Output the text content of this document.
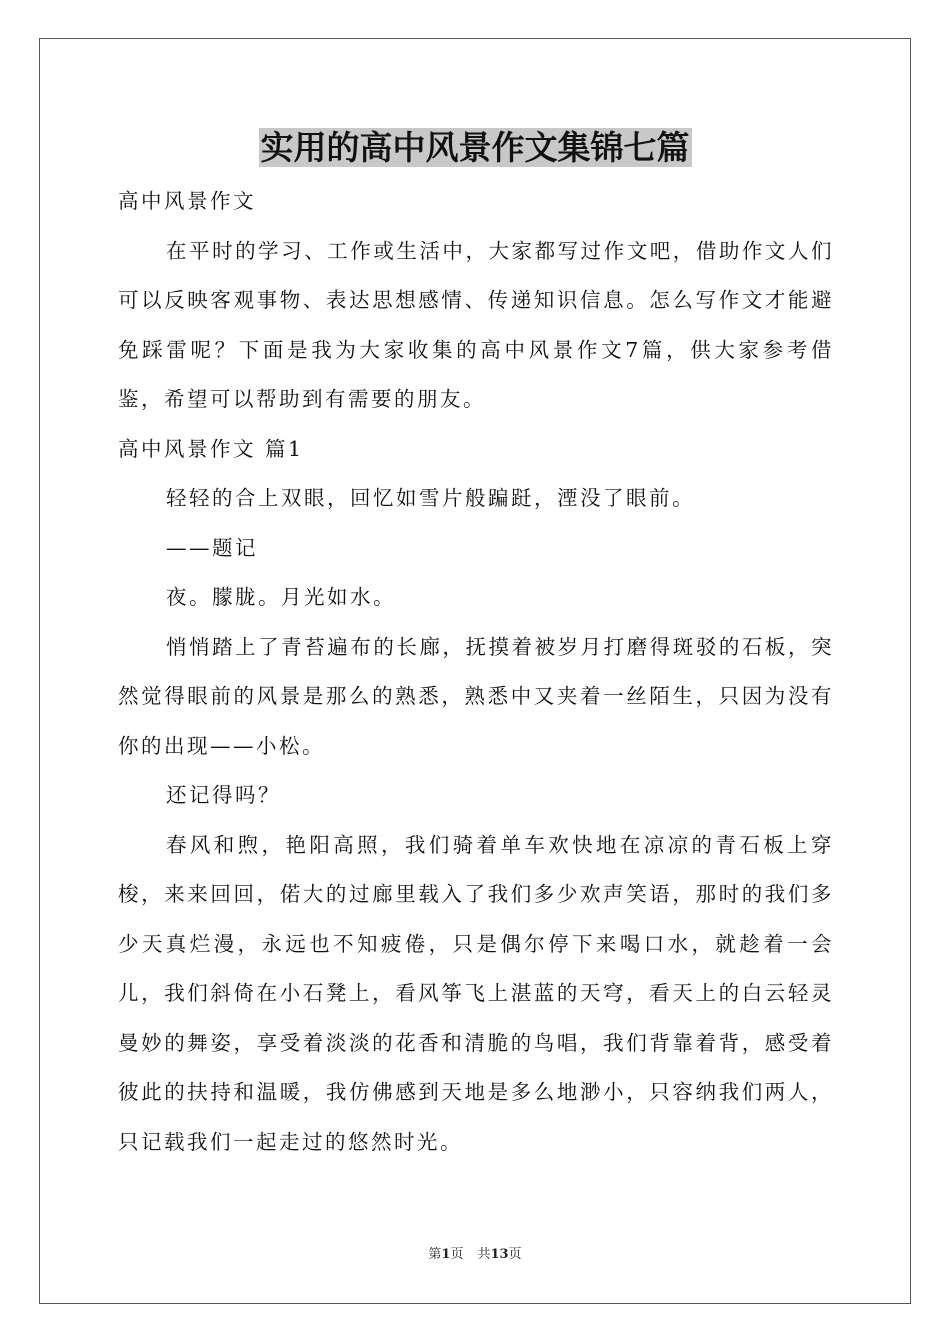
实用的高中风景作文集锦七篇

高中风景作文

在平时的学习、工作或生活中，大家都写过作文吧，借助作文人们可以反映客观事物、表达思想感情、传递知识信息。怎么写作文才能避免踩雷呢？下面是我为大家收集的高中风景作文7篇，供大家参考借鉴，希望可以帮助到有需要的朋友。

高中风景作文 篇1

轻轻的合上双眼，回忆如雪片般蹁跹，湮没了眼前。

——题记

夜。朦胧。月光如水。

悄悄踏上了青苔遍布的长廊，抚摸着被岁月打磨得斑驳的石板，突然觉得眼前的风景是那么的熟悉，熟悉中又夹着一丝陌生，只因为没有你的出现——小松。

还记得吗？

春风和煦，艳阳高照，我们骑着单车欢快地在凉凉的青石板上穿梭，来来回回，偌大的过廊里载入了我们多少欢声笑语，那时的我们多少天真烂漫，永远也不知疲倦，只是偶尔停下来喝口水，就趁着一会儿，我们斜倚在小石凳上，看风筝飞上湛蓝的天穹，看天上的白云轻灵曼妙的舞姿，享受着淡淡的花香和清脆的鸟唱，我们背靠着背，感受着彼此的扶持和温暖，我仿佛感到天地是多么地渺小，只容纳我们两人，只记载我们一起走过的悠然时光。

第1页 共13页
